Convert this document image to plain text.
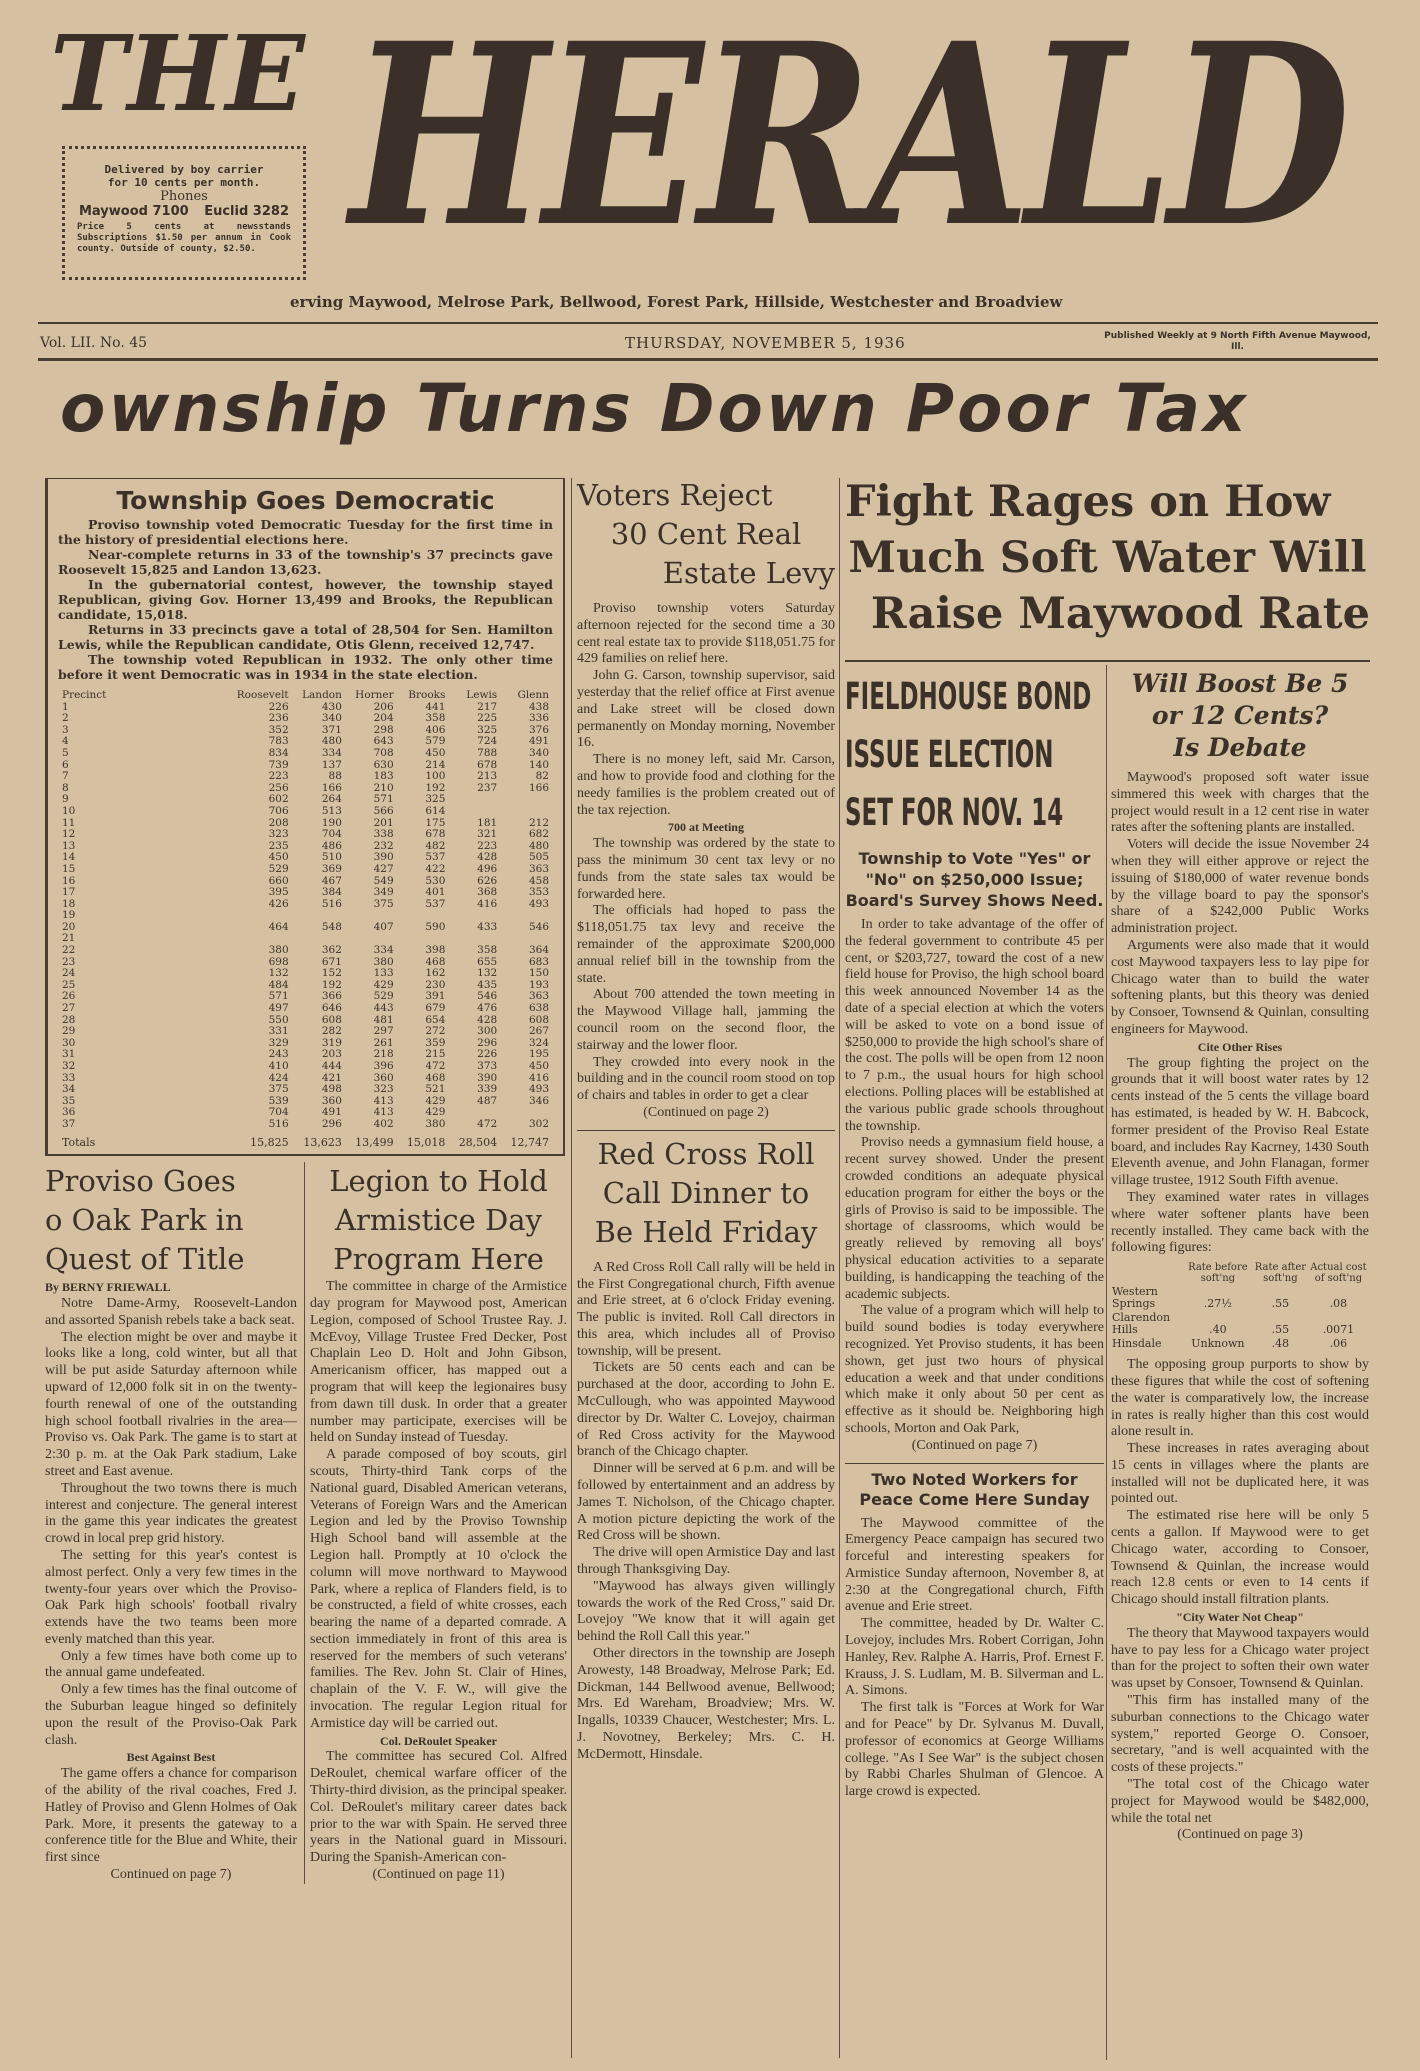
THE HERALD
Delivered by boy carrier
for 10 cents per month.
Phones
Maywood 7100 Euclid 3282
Price 5 cents at newsstands Subscriptions $1.50 per annum in Cook county. Outside of county, $2.50.
erving Maywood, Melrose Park, Bellwood, Forest Park, Hillside, Westchester and Broadview
Vol. LII. No. 45	THURSDAY, NOVEMBER 5, 1936	Published Weekly at 9 North Fifth Avenue Maywood, Ill.
ownship Turns Down Poor Tax
Township Goes Democratic

Proviso township voted Democratic Tuesday for the first time in the history of presidential elections here.

Near-complete returns in 33 of the township's 37 precincts gave Roosevelt 15,825 and Landon 13,623.

In the gubernatorial contest, however, the township stayed Republican, giving Gov. Horner 13,499 and Brooks, the Republican candidate, 15,018.

Returns in 33 precincts gave a total of 28,504 for Sen. Hamilton Lewis, while the Republican candidate, Otis Glenn, received 12,747.

The township voted Republican in 1932. The only other time before it went Democratic was in 1934 in the state election.

Precinct	Roosevelt	Landon	Horner	Brooks	Lewis	Glenn
1	226	430	206	441	217	438
2	236	340	204	358	225	336
3	352	371	298	406	325	376
4	783	480	643	579	724	491
5	834	334	708	450	788	340
6	739	137	630	214	678	140
7	223	88	183	100	213	82
8	256	166	210	192	237	166
9	602	264	571	325		
10	706	513	566	614		
11	208	190	201	175	181	212
12	323	704	338	678	321	682
13	235	486	232	482	223	480
14	450	510	390	537	428	505
15	529	369	427	422	496	363
16	660	467	549	530	626	458
17	395	384	349	401	368	353
18	426	516	375	537	416	493
19						
20	464	548	407	590	433	546
21						
22	380	362	334	398	358	364
23	698	671	380	468	655	683
24	132	152	133	162	132	150
25	484	192	429	230	435	193
26	571	366	529	391	546	363
27	497	646	443	679	476	638
28	550	608	481	654	428	608
29	331	282	297	272	300	267
30	329	319	261	359	296	324
31	243	203	218	215	226	195
32	410	444	396	472	373	450
33	424	421	360	468	390	416
34	375	498	323	521	339	493
35	539	360	413	429	487	346
36	704	491	413	429		
37	516	296	402	380	472	302
Totals	15,825	13,623	13,499	15,018	28,504	12,747
Proviso Goes
o Oak Park in
Quest of Title

By BERNY FRIEWALL

Notre Dame-Army, Roosevelt-Landon and assorted Spanish rebels take a back seat.

The election might be over and maybe it looks like a long, cold winter, but all that will be put aside Saturday afternoon while upward of 12,000 folk sit in on the twenty-fourth renewal of one of the outstanding high school football rivalries in the area—Proviso vs. Oak Park. The game is to start at 2:30 p. m. at the Oak Park stadium, Lake street and East avenue.

Throughout the two towns there is much interest and conjecture. The general interest in the game this year indicates the greatest crowd in local prep grid history.

The setting for this year's contest is almost perfect. Only a very few times in the twenty-four years over which the Proviso-Oak Park high schools' football rivalry extends have the two teams been more evenly matched than this year.

Only a few times have both come up to the annual game undefeated.

Only a few times has the final outcome of the Suburban league hinged so definitely upon the result of the Proviso-Oak Park clash.

Best Against Best

The game offers a chance for comparison of the ability of the rival coaches, Fred J. Hatley of Proviso and Glenn Holmes of Oak Park. More, it presents the gateway to a conference title for the Blue and White, their first since

Continued on page 7)

Legion to Hold
Armistice Day
Program Here

The committee in charge of the Armistice day program for Maywood post, American Legion, composed of School Trustee Ray. J. McEvoy, Village Trustee Fred Decker, Post Chaplain Leo D. Holt and John Gibson, Americanism officer, has mapped out a program that will keep the legionaires busy from dawn till dusk. In order that a greater number may participate, exercises will be held on Sunday instead of Tuesday.

A parade composed of boy scouts, girl scouts, Thirty-third Tank corps of the National guard, Disabled American veterans, Veterans of Foreign Wars and the American Legion and led by the Proviso Township High School band will assemble at the Legion hall. Promptly at 10 o'clock the column will move northward to Maywood Park, where a replica of Flanders field, is to be constructed, a field of white crosses, each bearing the name of a departed comrade. A section immediately in front of this area is reserved for the members of such veterans' families. The Rev. John St. Clair of Hines, chaplain of the V. F. W., will give the invocation. The regular Legion ritual for Armistice day will be carried out.

Col. DeRoulet Speaker

The committee has secured Col. Alfred DeRoulet, chemical warfare officer of the Thirty-third division, as the principal speaker. Col. DeRoulet's military career dates back prior to the war with Spain. He served three years in the National guard in Missouri. During the Spanish-American con-

(Continued on page 11)

Voters Reject
30 Cent Real
Estate Levy

Proviso township voters Saturday afternoon rejected for the second time a 30 cent real estate tax to provide $118,051.75 for 429 families on relief here.

John G. Carson, township supervisor, said yesterday that the relief office at First avenue and Lake street will be closed down permanently on Monday morning, November 16.

There is no money left, said Mr. Carson, and how to provide food and clothing for the needy families is the problem created out of the tax rejection.

700 at Meeting

The township was ordered by the state to pass the minimum 30 cent tax levy or no funds from the state sales tax would be forwarded here.

The officials had hoped to pass the $118,051.75 tax levy and receive the remainder of the approximate $200,000 annual relief bill in the township from the state.

About 700 attended the town meeting in the Maywood Village hall, jamming the council room on the second floor, the stairway and the lower floor.

They crowded into every nook in the building and in the council room stood on top of chairs and tables in order to get a clear

(Continued on page 2)

Red Cross Roll
Call Dinner to
Be Held Friday

A Red Cross Roll Call rally will be held in the First Congregational church, Fifth avenue and Erie street, at 6 o'clock Friday evening. The public is invited. Roll Call directors in this area, which includes all of Proviso township, will be present.

Tickets are 50 cents each and can be purchased at the door, according to John E. McCullough, who was appointed Maywood director by Dr. Walter C. Lovejoy, chairman of Red Cross activity for the Maywood branch of the Chicago chapter.

Dinner will be served at 6 p.m. and will be followed by entertainment and an address by James T. Nicholson, of the Chicago chapter. A motion picture depicting the work of the Red Cross will be shown.

The drive will open Armistice Day and last through Thanksgiving Day.

"Maywood has always given willingly towards the work of the Red Cross," said Dr. Lovejoy "We know that it will again get behind the Roll Call this year."

Other directors in the township are Joseph Arowesty, 148 Broadway, Melrose Park; Ed. Dickman, 144 Bellwood avenue, Bellwood; Mrs. Ed Wareham, Broadview; Mrs. W. Ingalls, 10339 Chaucer, Westchester; Mrs. L. J. Novotney, Berkeley; Mrs. C. H. McDermott, Hinsdale.

Fight Rages on How
Much Soft Water Will
Raise Maywood Rate
FIELDHOUSE BOND
ISSUE ELECTION
SET FOR NOV. 14
Township to Vote "Yes" or "No" on $250,000 Issue; Board's Survey Shows Need.

In order to take advantage of the offer of the federal government to contribute 45 per cent, or $203,727, toward the cost of a new field house for Proviso, the high school board this week announced November 14 as the date of a special election at which the voters will be asked to vote on a bond issue of $250,000 to provide the high school's share of the cost. The polls will be open from 12 noon to 7 p.m., the usual hours for high school elections. Polling places will be established at the various public grade schools throughout the township.

Proviso needs a gymnasium field house, a recent survey showed. Under the present crowded conditions an adequate physical education program for either the boys or the girls of Proviso is said to be impossible. The shortage of classrooms, which would be greatly relieved by removing all boys' physical education activities to a separate building, is handicapping the teaching of the academic subjects.

The value of a program which will help to build sound bodies is today everywhere recognized. Yet Proviso students, it has been shown, get just two hours of physical education a week and that under conditions which make it only about 50 per cent as effective as it should be. Neighboring high schools, Morton and Oak Park,

(Continued on page 7)

Two Noted Workers for Peace Come Here Sunday

The Maywood committee of the Emergency Peace campaign has secured two forceful and interesting speakers for Armistice Sunday afternoon, November 8, at 2:30 at the Congregational church, Fifth avenue and Erie street.

The committee, headed by Dr. Walter C. Lovejoy, includes Mrs. Robert Corrigan, John Hanley, Rev. Ralphe A. Harris, Prof. Ernest F. Krauss, J. S. Ludlam, M. B. Silverman and L. A. Simons.

The first talk is "Forces at Work for War and for Peace" by Dr. Sylvanus M. Duvall, professor of economics at George Williams college. "As I See War" is the subject chosen by Rabbi Charles Shulman of Glencoe. A large crowd is expected.

Will Boost Be 5
or 12 Cents?
Is Debate

Maywood's proposed soft water issue simmered this week with charges that the project would result in a 12 cent rise in water rates after the softening plants are installed.

Voters will decide the issue November 24 when they will either approve or reject the issuing of $180,000 of water revenue bonds by the village board to pay the sponsor's share of a $242,000 Public Works administration project.

Arguments were also made that it would cost Maywood taxpayers less to lay pipe for Chicago water than to build the water softening plants, but this theory was denied by Consoer, Townsend & Quinlan, consulting engineers for Maywood.

Cite Other Rises

The group fighting the project on the grounds that it will boost water rates by 12 cents instead of the 5 cents the village board has estimated, is headed by W. H. Babcock, former president of the Proviso Real Estate board, and includes Ray Kacrney, 1430 South Eleventh avenue, and John Flanagan, former village trustee, 1912 South Fifth avenue.

They examined water rates in villages where water softener plants have been recently installed. They came back with the following figures:

	Rate before soft'ng	Rate after soft'ng	Actual cost of soft'ng
Western Springs	.27½	.55	.08
Clarendon Hills	.40	.55	.0071
Hinsdale	Unknown	.48	.06

The opposing group purports to show by these figures that while the cost of softening the water is comparatively low, the increase in rates is really higher than this cost would alone result in.

These increases in rates averaging about 15 cents in villages where the plants are installed will not be duplicated here, it was pointed out.

The estimated rise here will be only 5 cents a gallon. If Maywood were to get Chicago water, according to Consoer, Townsend & Quinlan, the increase would reach 12.8 cents or even to 14 cents if Chicago should install filtration plants.

"City Water Not Cheap"

The theory that Maywood taxpayers would have to pay less for a Chicago water project than for the project to soften their own water was upset by Consoer, Townsend & Quinlan.

"This firm has installed many of the suburban connections to the Chicago water system," reported George O. Consoer, secretary, "and is well acquainted with the costs of these projects."

"The total cost of the Chicago water project for Maywood would be $482,000, while the total net

(Continued on page 3)
